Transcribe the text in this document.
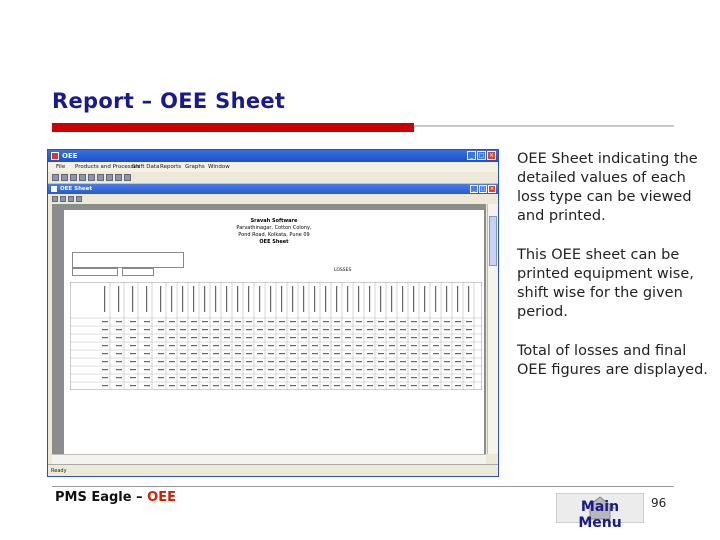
Report – OEE Sheet
OEE	_ □ ×
File Products and Processes
Shift Data Reports Graphs Window
OEE Sheet	_ □ ×
Sravah Software
Parvathinagar, Cotton Colony,
Pond Road, Kolkata, Pune 09
OEE Sheet
LOSSES
Ready
OEE Sheet indicating the detailed values of each loss type can be viewed and printed.
This OEE sheet can be printed equipment wise, shift wise for the given period.
Total of losses and final OEE figures are displayed.
PMS Eagle – OEE
Main Menu
96
